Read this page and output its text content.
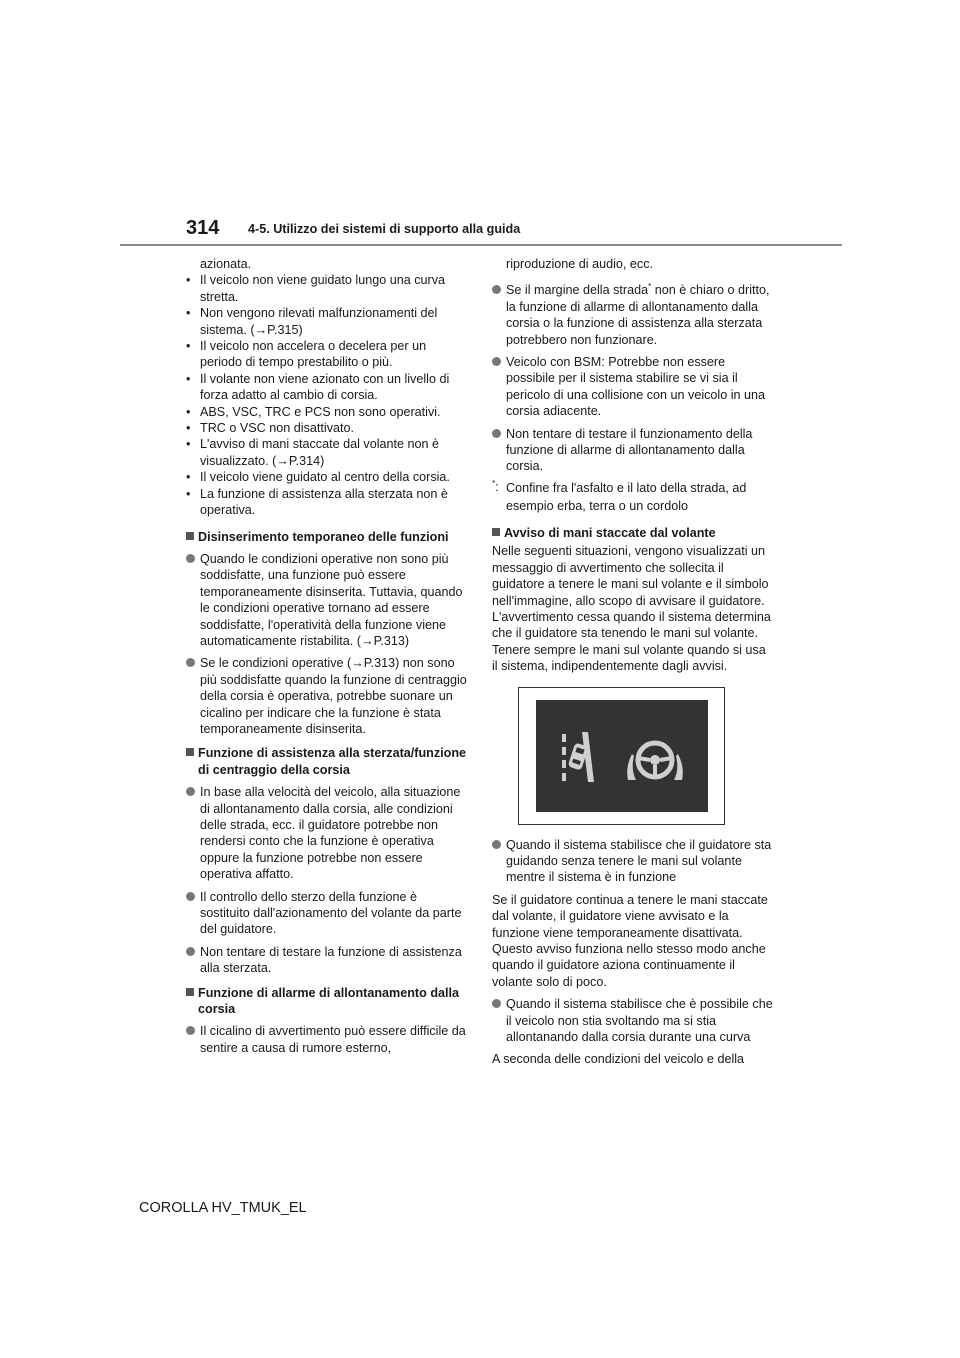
314 4-5. Utilizzo dei sistemi di supporto alla guida

azionata.

• Il veicolo non viene guidato lungo una curva stretta.
• Non vengono rilevati malfunzionamenti del sistema. (→P.315)
• Il veicolo non accelera o decelera per un periodo di tempo prestabilito o più.
• Il volante non viene azionato con un livello di forza adatto al cambio di corsia.
• ABS, VSC, TRC e PCS non sono operativi.
• TRC o VSC non disattivato.
• L'avviso di mani staccate dal volante non è visualizzato. (→P.314)
• Il veicolo viene guidato al centro della corsia.
• La funzione di assistenza alla sterzata non è operativa.
Disinserimento temporaneo delle funzioni
Quando le condizioni operative non sono più soddisfatte, una funzione può essere temporaneamente disinserita. Tuttavia, quando le condizioni operative tornano ad essere soddisfatte, l'operatività della funzione viene automaticamente ristabilita. (→P.313)
Se le condizioni operative (→P.313) non sono più soddisfatte quando la funzione di centraggio della corsia è operativa, potrebbe suonare un cicalino per indicare che la funzione è stata temporaneamente disinserita.
Funzione di assistenza alla sterzata/funzione di centraggio della corsia
In base alla velocità del veicolo, alla situazione di allontanamento dalla corsia, alle condizioni delle strada, ecc. il guidatore potrebbe non rendersi conto che la funzione è operativa oppure la funzione potrebbe non essere operativa affatto.
Il controllo dello sterzo della funzione è sostituito dall'azionamento del volante da parte del guidatore.
Non tentare di testare la funzione di assistenza alla sterzata.
Funzione di allarme di allontanamento dalla corsia
Il cicalino di avvertimento può essere difficile da sentire a causa di rumore esterno,

riproduzione di audio, ecc.

Se il margine della strada* non è chiaro o dritto, la funzione di allarme di allontanamento dalla corsia o la funzione di assistenza alla sterzata potrebbero non funzionare.
Veicolo con BSM: Potrebbe non essere possibile per il sistema stabilire se vi sia il pericolo di una collisione con un veicolo in una corsia adiacente.
Non tentare di testare il funzionamento della funzione di allarme di allontanamento dalla corsia.
*: Confine fra l'asfalto e il lato della strada, ad esempio erba, terra o un cordolo
Avviso di mani staccate dal volante

Nelle seguenti situazioni, vengono visualizzati un messaggio di avvertimento che sollecita il guidatore a tenere le mani sul volante e il simbolo nell'immagine, allo scopo di avvisare il guidatore. L'avvertimento cessa quando il sistema determina che il guidatore sta tenendo le mani sul volante. Tenere sempre le mani sul volante quando si usa il sistema, indipendentemente dagli avvisi.

Quando il sistema stabilisce che il guidatore sta guidando senza tenere le mani sul volante mentre il sistema è in funzione

Se il guidatore continua a tenere le mani staccate dal volante, il guidatore viene avvisato e la funzione viene temporaneamente disattivata. Questo avviso funziona nello stesso modo anche quando il guidatore aziona continuamente il volante solo di poco.

Quando il sistema stabilisce che è possibile che il veicolo non stia svoltando ma si stia allontanando dalla corsia durante una curva

A seconda delle condizioni del veicolo e della

COROLLA HV_TMUK_EL
